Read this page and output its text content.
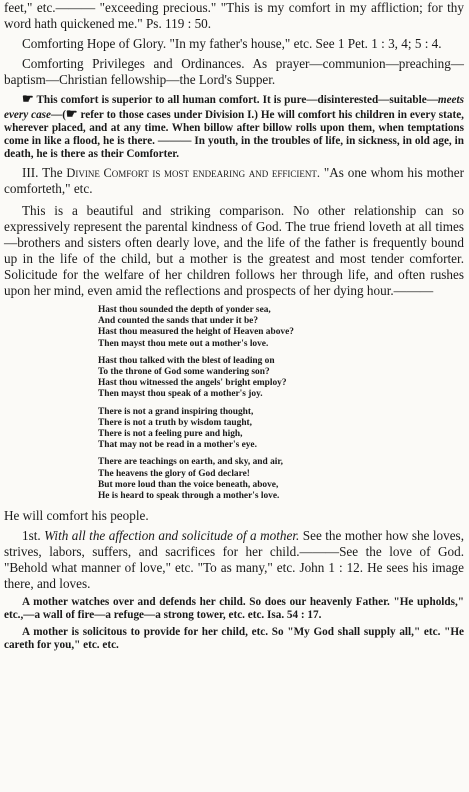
feet," etc.——— "exceeding precious." "This is my comfort in my affliction; for thy word hath quickened me." Ps. 119 : 50.

Comforting Hope of Glory. "In my father's house," etc. See 1 Pet. 1 : 3, 4; 5 : 4.

Comforting Privileges and Ordinances. As prayer—communion—preaching—baptism—Christian fellowship—the Lord's Supper.

☛ This comfort is superior to all human comfort. It is pure—disinterested—suitable—meets every case—(☛ refer to those cases under Division I.) He will comfort his children in every state, wherever placed, and at any time. When billow after billow rolls upon them, when temptations come in like a flood, he is there. ——— In youth, in the troubles of life, in sickness, in old age, in death, he is there as their Comforter.

III. The Divine Comfort is most endearing and efficient. "As one whom his mother comforteth," etc.

This is a beautiful and striking comparison. No other relationship can so expressively represent the parental kindness of God. The true friend loveth at all times—brothers and sisters often dearly love, and the life of the father is frequently bound up in the life of the child, but a mother is the greatest and most tender comforter. Solicitude for the welfare of her children follows her through life, and often rushes upon her mind, even amid the reflections and prospects of her dying hour.———

Hast thou sounded the depth of yonder sea,
And counted the sands that under it be?
Hast thou measured the height of Heaven above?
Then mayst thou mete out a mother's love.
Hast thou talked with the blest of leading on
To the throne of God some wandering son?
Hast thou witnessed the angels' bright employ?
Then mayst thou speak of a mother's joy.
There is not a grand inspiring thought,
There is not a truth by wisdom taught,
There is not a feeling pure and high,
That may not be read in a mother's eye.
There are teachings on earth, and sky, and air,
The heavens the glory of God declare!
But more loud than the voice beneath, above,
He is heard to speak through a mother's love.

He will comfort his people.

1st. With all the affection and solicitude of a mother. See the mother how she loves, strives, labors, suffers, and sacrifices for her child.———See the love of God. "Behold what manner of love," etc. "To as many," etc. John 1 : 12. He sees his image there, and loves.

A mother watches over and defends her child. So does our heavenly Father. "He upholds," etc.,—a wall of fire—a refuge—a strong tower, etc. etc. Isa. 54 : 17.

A mother is solicitous to provide for her child, etc. So "My God shall supply all," etc. "He careth for you," etc. etc.
